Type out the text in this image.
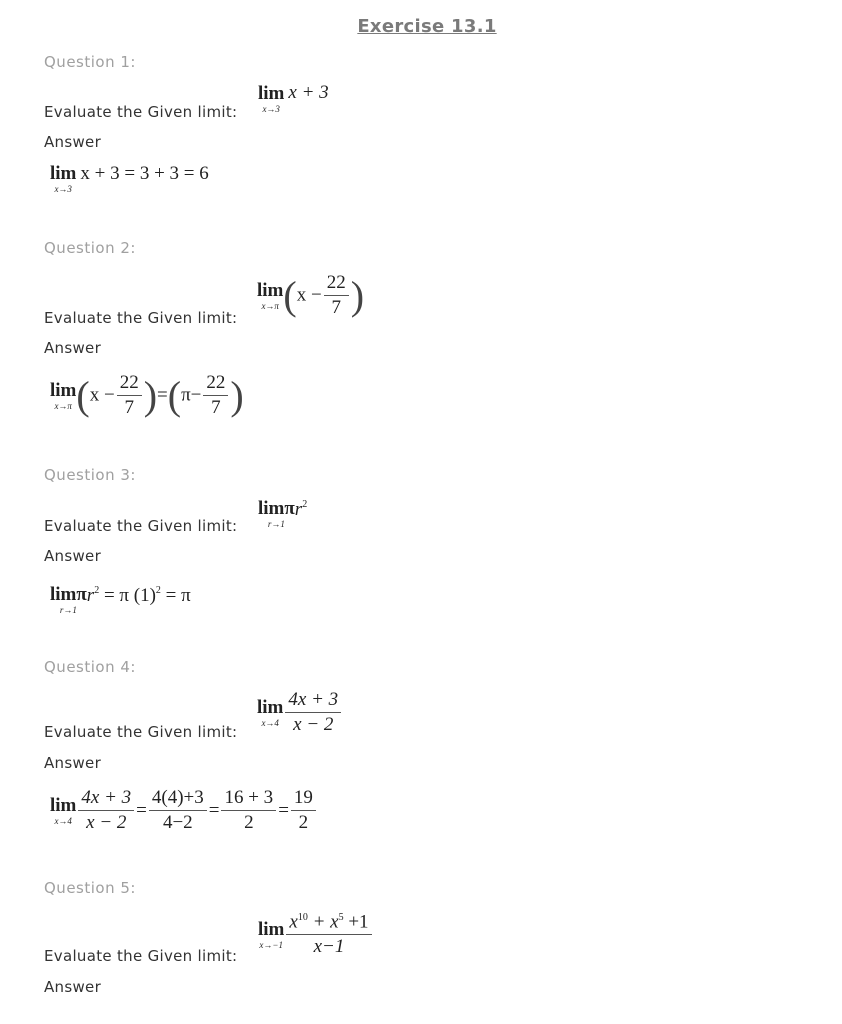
Exercise 13.1
Question 1:
lim
x→3
x + 3
Evaluate the Given limit:
Answer
lim
x→3
x + 3 = 3 + 3 = 6
Question 2:
lim
x→π ($x - \frac{22}{7}$ )
Evaluate the Given limit:
Answer
lim
x→π $(x - \frac{22}{7} )=(\pi- \frac{22}{7}$ )
Question 3:
limπ
r→1
$r^2$
Evaluate the Given limit:
Answer
limπ
r→1
$r^2 = \pi$ $(1)^2 = \pi$
Question 4:
lim
$x\to 4 \frac{4x + 3}{x - 2}$
Evaluate the Given limit:
Answer
lim
$x\to 4 \frac{4x + 3}{x - 2} = \frac{4(4)+3}{4-2} = \frac{16 + 3}{2} = \frac{19}{2}$
Question 5:
lim
$x\to-1 \frac{x^{10} + x^5 +1}{x-1}$
Evaluate the Given limit:
Answer
